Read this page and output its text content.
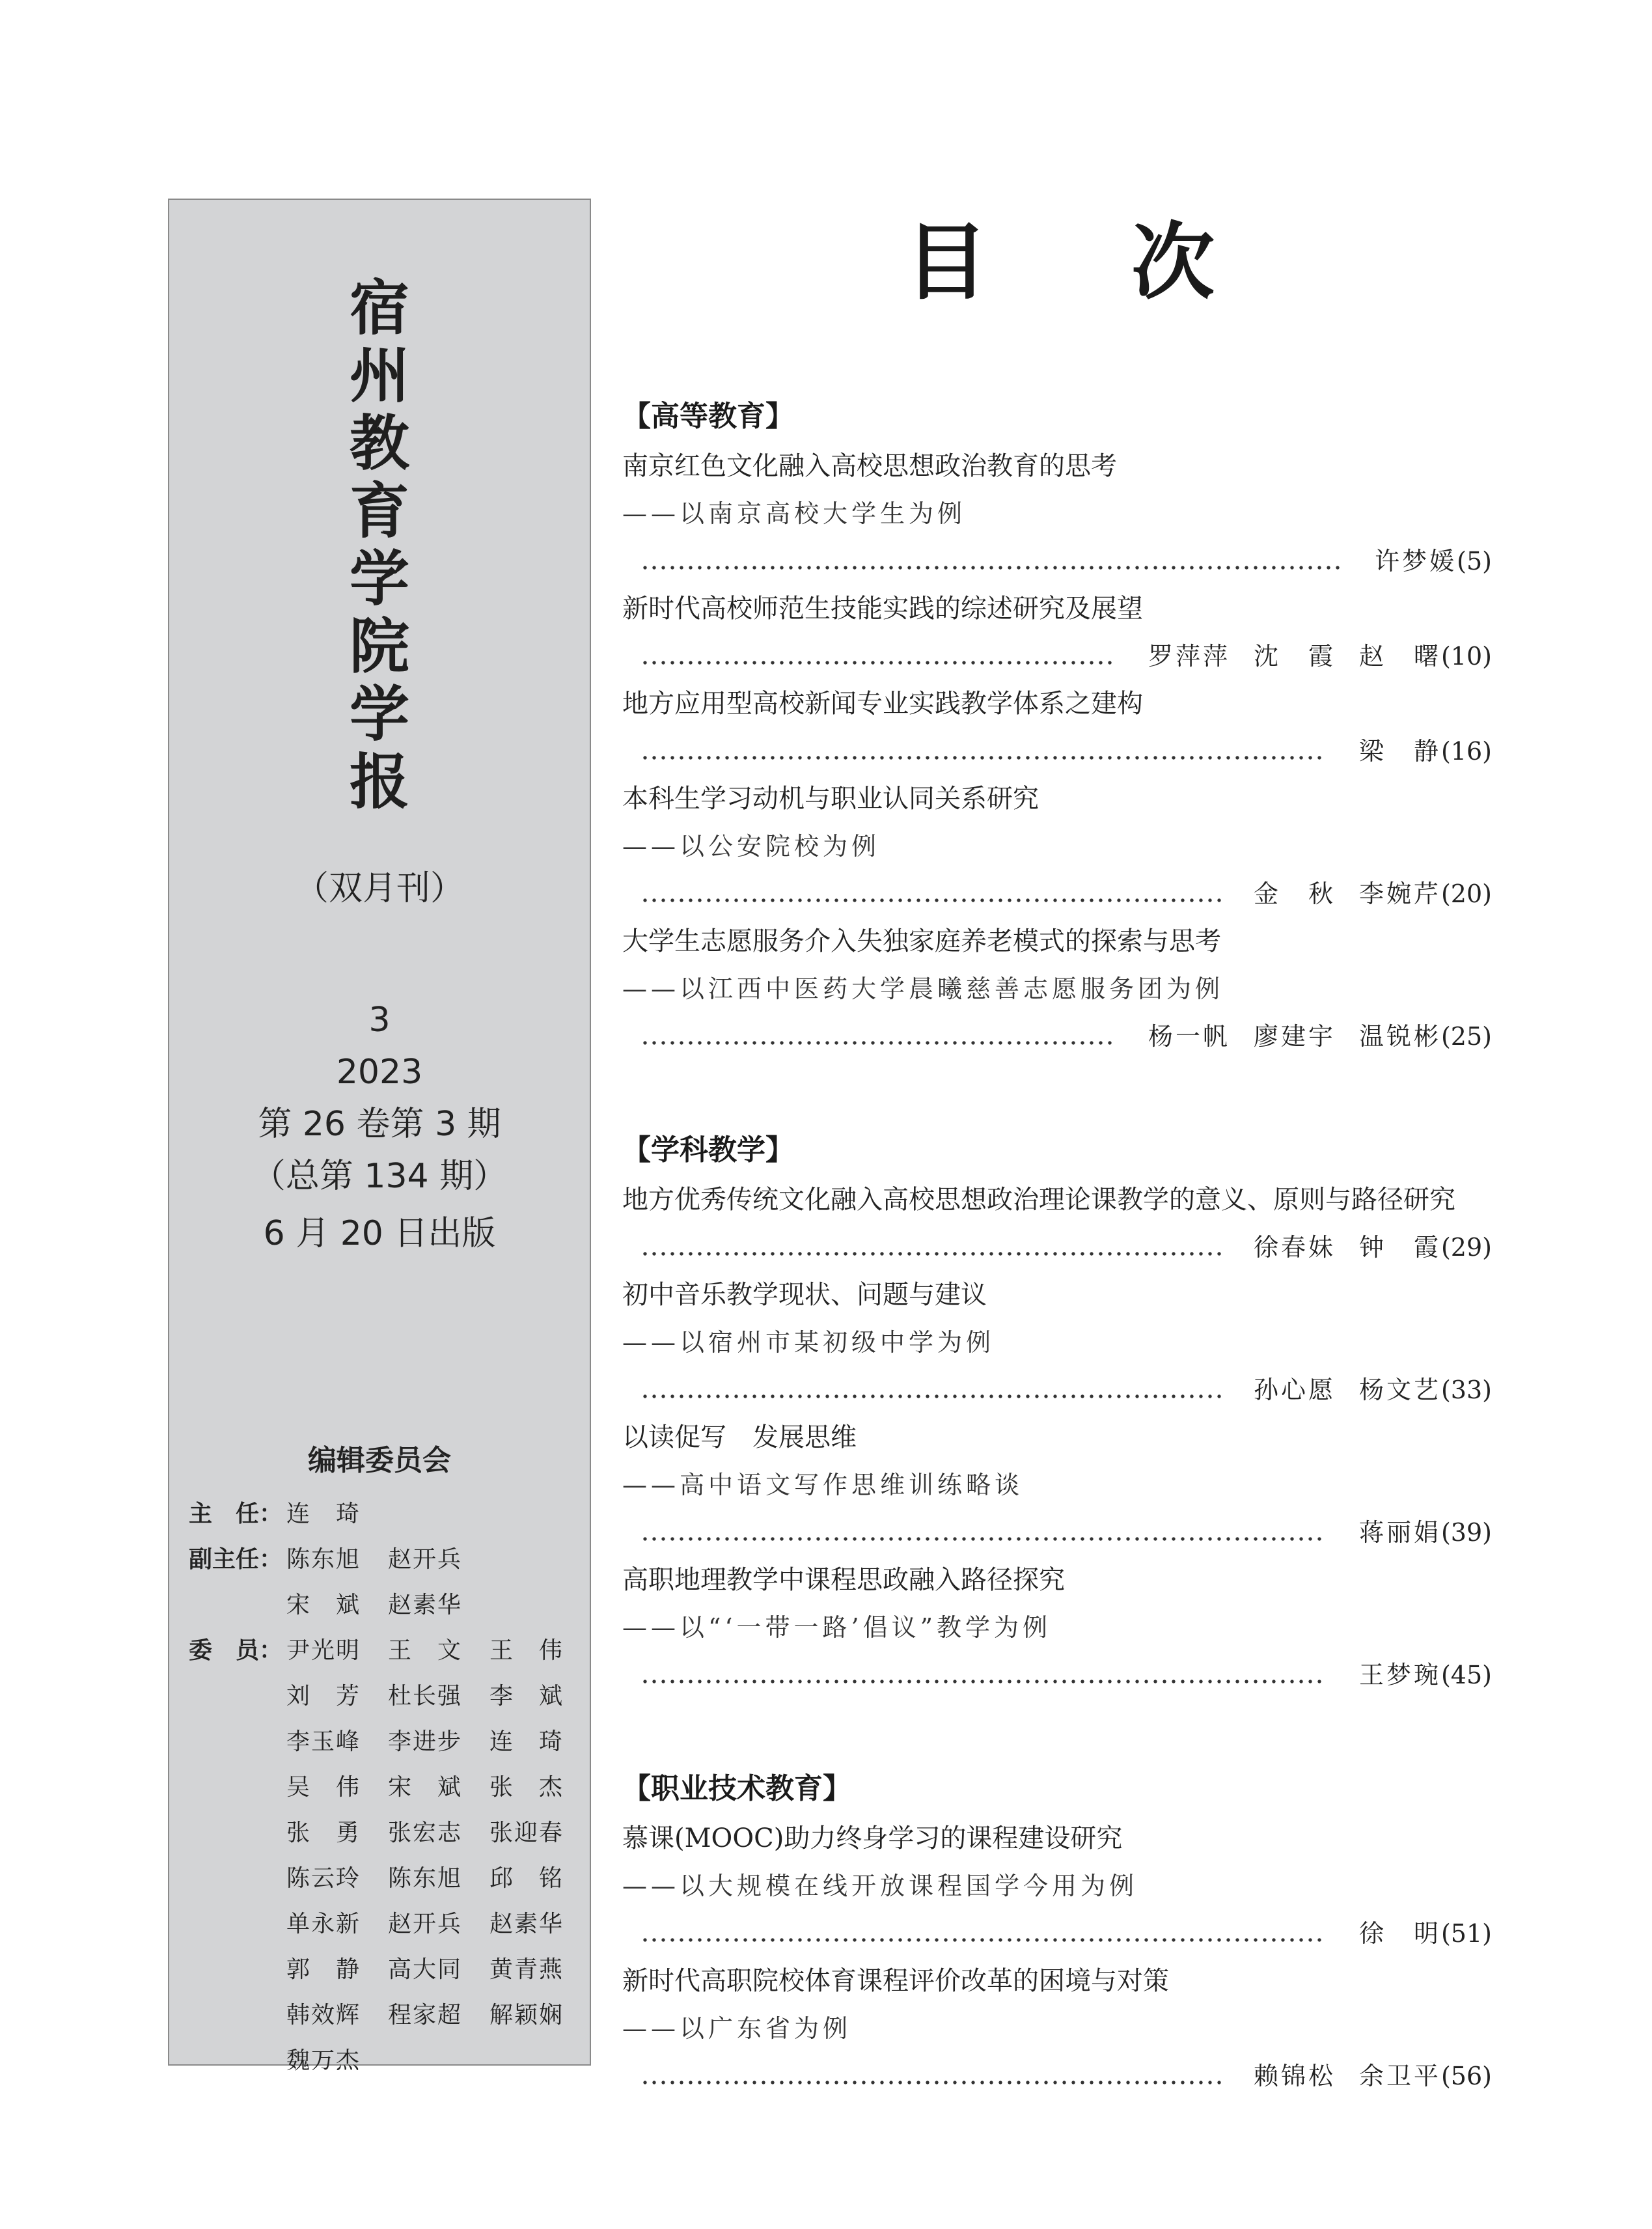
宿
州
教
育
学
院
学
报
（双月刊）
3
2023
第 26 卷第 3 期
（总第 134 期）
6 月 20 日出版
编辑委员会
主　任： 连　琦
副主任： 陈东旭 赵开兵
宋　斌 赵素华
委　员： 尹光明 王　文 王　伟
刘　芳 杜长强 李　斌
李玉峰 李进步 连　琦
吴　伟 宋　斌 张　杰
张　勇 张宏志 张迎春
陈云玲 陈东旭 邱　铭
单永新 赵开兵 赵素华
郭　静 高大同 黄青燕
韩效辉 程家超 解颖娴
魏万杰
目次
【高等教育】
南京红色文化融入高校思想政治教育的思考
——以南京高校大学生为例
许梦媛(5)
新时代高校师范生技能实践的综述研究及展望
罗萍萍 沈　霞 赵　曙(10)
地方应用型高校新闻专业实践教学体系之建构
梁　静(16)
本科生学习动机与职业认同关系研究
——以公安院校为例
金　秋 李婉芹(20)
大学生志愿服务介入失独家庭养老模式的探索与思考
——以江西中医药大学晨曦慈善志愿服务团为例
杨一帆 廖建宇 温锐彬(25)
【学科教学】
地方优秀传统文化融入高校思想政治理论课教学的意义、原则与路径研究
徐春妹 钟　霞(29)
初中音乐教学现状、问题与建议
——以宿州市某初级中学为例
孙心愿 杨文艺(33)
以读促写　发展思维
——高中语文写作思维训练略谈
蒋丽娟(39)
高职地理教学中课程思政融入路径探究
——以“‘一带一路’倡议”教学为例
王梦琬(45)
【职业技术教育】
慕课(MOOC)助力终身学习的课程建设研究
——以大规模在线开放课程国学今用为例
徐　明(51)
新时代高职院校体育课程评价改革的困境与对策
——以广东省为例
赖锦松 余卫平(56)
